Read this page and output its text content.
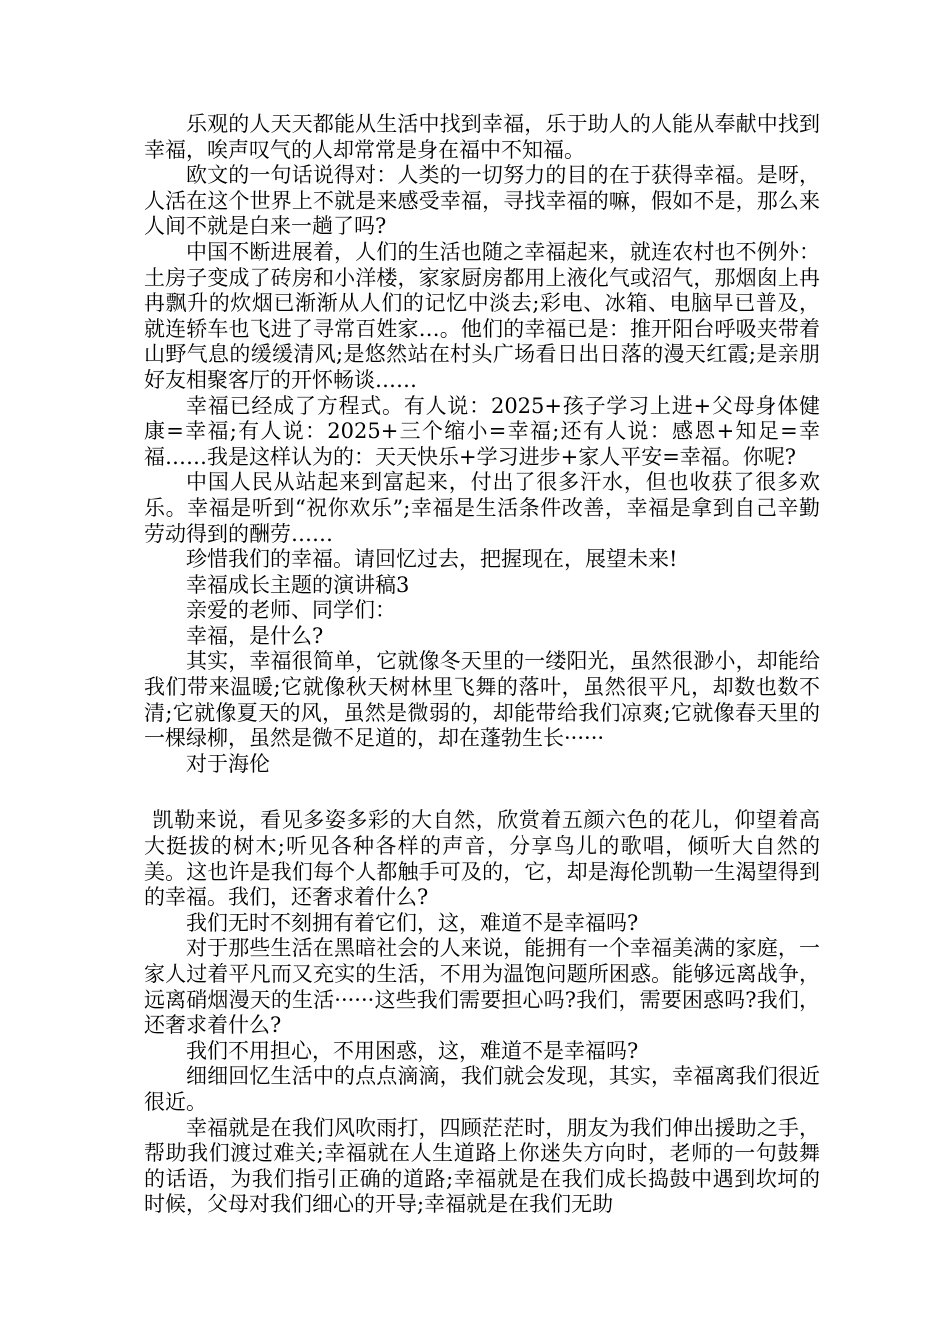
乐观的人天天都能从生活中找到幸福，乐于助人的人能从奉献中找到幸福，唉声叹气的人却常常是身在福中不知福。

欧文的一句话说得对：人类的一切努力的目的在于获得幸福。是呀，人活在这个世界上不就是来感受幸福，寻找幸福的嘛，假如不是，那么来人间不就是白来一趟了吗?

中国不断进展着，人们的生活也随之幸福起来，就连农村也不例外：土房子变成了砖房和小洋楼，家家厨房都用上液化气或沼气，那烟囱上冉冉飘升的炊烟已渐渐从人们的记忆中淡去;彩电、冰箱、电脑早已普及，就连轿车也飞进了寻常百姓家…。他们的幸福已是：推开阳台呼吸夹带着山野气息的缓缓清风;是悠然站在村头广场看日出日落的漫天红霞;是亲朋好友相聚客厅的开怀畅谈……

幸福已经成了方程式。有人说：2025+孩子学习上进+父母身体健康=幸福;有人说：2025+三个缩小=幸福;还有人说：感恩+知足=幸福……我是这样认为的：天天快乐+学习进步+家人平安=幸福。你呢?

中国人民从站起来到富起来，付出了很多汗水，但也收获了很多欢乐。幸福是听到“祝你欢乐”;幸福是生活条件改善，幸福是拿到自己辛勤劳动得到的酬劳……

珍惜我们的幸福。请回忆过去，把握现在，展望未来!

幸福成长主题的演讲稿3

亲爱的老师、同学们：

幸福，是什么?

其实，幸福很简单，它就像冬天里的一缕阳光，虽然很渺小，却能给我们带来温暖;它就像秋天树林里飞舞的落叶，虽然很平凡，却数也数不清;它就像夏天的风，虽然是微弱的，却能带给我们凉爽;它就像春天里的一棵绿柳，虽然是微不足道的，却在蓬勃生长······

对于海伦

凯勒来说，看见多姿多彩的大自然，欣赏着五颜六色的花儿，仰望着高大挺拔的树木;听见各种各样的声音，分享鸟儿的歌唱，倾听大自然的美。这也许是我们每个人都触手可及的，它，却是海伦凯勒一生渴望得到的幸福。我们，还奢求着什么?

我们无时不刻拥有着它们，这，难道不是幸福吗?

对于那些生活在黑暗社会的人来说，能拥有一个幸福美满的家庭，一家人过着平凡而又充实的生活，不用为温饱问题所困惑。能够远离战争，远离硝烟漫天的生活······这些我们需要担心吗?我们，需要困惑吗?我们，还奢求着什么?

我们不用担心，不用困惑，这，难道不是幸福吗?

细细回忆生活中的点点滴滴，我们就会发现，其实，幸福离我们很近很近。

幸福就是在我们风吹雨打，四顾茫茫时，朋友为我们伸出援助之手，帮助我们渡过难关;幸福就在人生道路上你迷失方向时，老师的一句鼓舞的话语，为我们指引正确的道路;幸福就是在我们成长捣鼓中遇到坎坷的时候，父母对我们细心的开导;幸福就是在我们无助
